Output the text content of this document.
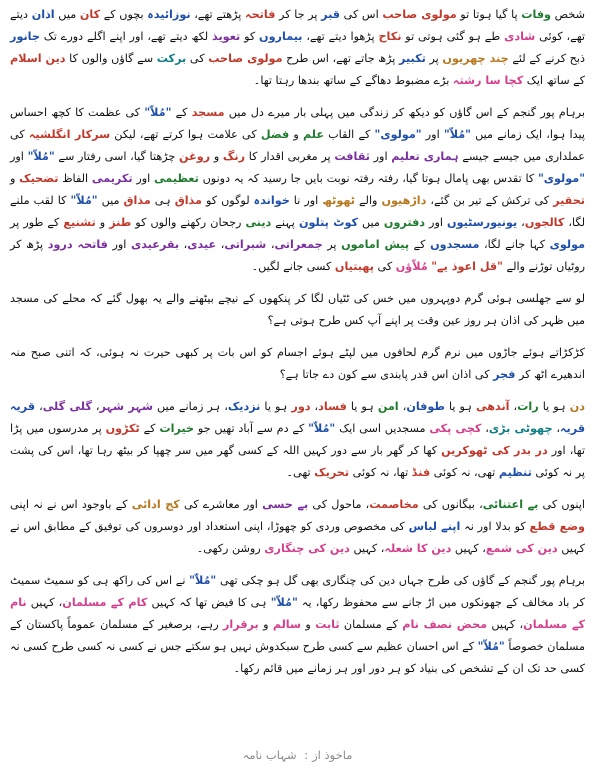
شخص وفات پا گیا ہوتا تو مولوی صاحب اس کی قبر پر جا کر فاتحہ پڑھتے تھے، نوزائیدہ بچوں کے کان میں اذان دیتے تھے، کوئی شادی طے ہو گئی ہوتی تو نکاح پڑھوا دیتے تھے، بیماروں کو تعویذ لکھ دیتے تھے، اور اپنے اگلے دورے تک جانور ذبح کرنے کے لئے چند چھریوں پر تکبیر پڑھ جاتے تھے، اس طرح مولوی صاحب کی برکت سے گاؤں والوں کا دین اسلام کے ساتھ ایک کچا سا رشتہ بڑے مضبوط دھاگے کے ساتھ بندھا رہتا تھا۔

برہام پور گنجم کے اس گاؤں کو دیکھ کر زندگی میں پہلی بار میرے دل میں مسجد کے "مُلاّ" کی عظمت کا کچھ احساس پیدا ہوا، ایک زمانے میں "مُلاّ" اور "مولوی" کے القاب علم و فضل کی علامت ہوا کرتے تھے، لیکن سرکار انگلشیہ کی عملداری میں جیسے جیسے ہماری تعلیم اور ثقافت پر مغربی اقدار کا رنگ و روغن چڑھتا گیا، اسی رفتار سے "مُلاّ" اور "مولوی" کا تقدس بھی پامال ہوتا گیا، رفتہ رفتہ نوبت بایں جا رسید کہ یہ دونوں تعظیمی اور تکریمی الفاظ تضحیک و تحقیر کی ترکش کے تیر بن گئے، داڑھیوں والے ٹھوٹھ اور نا خواندہ لوگوں کو مذاق ہی مذاق میں "مُلاّ" کا لقب ملنے لگا، کالجوں، یونیورسٹیوں اور دفتروں میں کوٹ پتلون پہنے دینی رجحان رکھنے والوں کو طنز و تشنیع کے طور پر مولوی کہا جانے لگا، مسجدوں کے پیش اماموں پر جمعراتی، شبراتی، عیدی، بقرعیدی اور فاتحہ درود پڑھ کر روٹیاں توڑنے والے "قل اعوذ یے" مُلاّؤں کی پھبتیاں کسی جانے لگیں۔

لو سے جھلسی ہوئی گرم دوپہروں میں خس کی ٹٹیاں لگا کر پنکھوں کے نیچے بیٹھنے والے یہ بھول گئے کہ محلے کی مسجد میں ظہر کی اذان ہر روز عین وقت پر اپنے آپ کس طرح ہوتی ہے؟

کڑکڑاتے ہوئے جاڑوں میں نرم گرم لحافوں میں لپٹے ہوئے اجسام کو اس بات پر کبھی حیرت نہ ہوئی، کہ اتنی صبح منہ اندھیرے اٹھ کر فجر کی اذان اس قدر پابندی سے کون دے جاتا ہے؟

دن ہو یا رات، آندھی ہو یا طوفان، امن ہو یا فساد، دور ہو یا نزدیک، ہر زمانے میں شہر شہر، گلی گلی، قریہ قریہ، چھوٹی بڑی، کچی پکی مسجدیں اسی ایک "مُلاّ" کے دم سے آباد تھیں جو خیرات کے ٹکڑوں پر مدرسوں میں پڑا تھا، اور در بدر کی ٹھوکریں کھا کر گھر بار سے دور کہیں اللہ کے کسی گھر میں سر چھپا کر بیٹھ رہا تھا، اس کی پشت پر نہ کوئی تنظیم تھی، نہ کوئی فنڈ تھا، نہ کوئی تحریک تھی۔

اپنوں کی بے اعتنائی، بیگانوں کی مخاصمت، ماحول کی بے حسی اور معاشرے کی کج ادائی کے باوجود اس نے نہ اپنی وضع قطع کو بدلا اور نہ اپنے لباس کی مخصوص وردی کو چھوڑا، اپنی استعداد اور دوسروں کی توفیق کے مطابق اس نے کہیں دین کی شمع، کہیں دین کا شعلہ، کہیں دین کی چنگاری روشن رکھی۔

برہام پور گنجم کے گاؤں کی طرح جہاں دین کی چنگاری بھی گل ہو چکی تھی "مُلاّ" نے اس کی راکھ ہی کو سمیٹ سمیٹ کر باد مخالف کے جھونکوں میں اڑ جانے سے محفوظ رکھا، یہ "مُلاّ" ہی کا فیض تھا کہ کہیں کام کے مسلمان، کہیں نام کے مسلمان، کہیں محض نصف نام کے مسلمان ثابت و سالم و برقرار رہے، برصغیر کے مسلمان عموماً پاکستان کے مسلمان خصوصاً "مُلاّ" کے اس احسان عظیم سے کسی طرح سبکدوش نہیں ہو سکتے جس نے کسی نہ کسی طرح کسی نہ کسی حد تک ان کے تشخص کی بنیاد کو ہر دور اور ہر زمانے میں قائم رکھا۔

ماخوذ از: شہاب نامہ
